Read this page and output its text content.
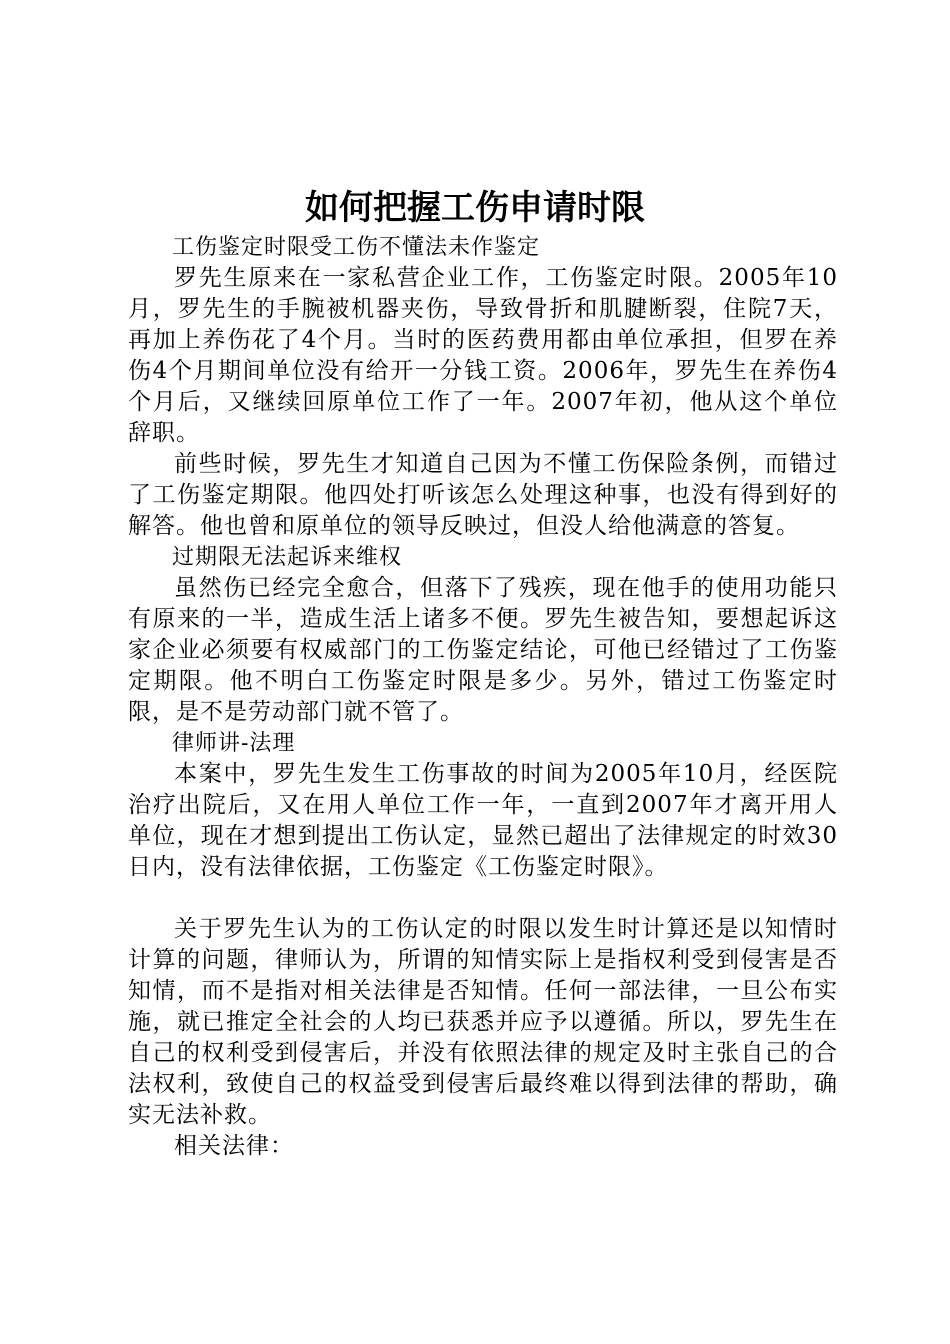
如何把握工伤申请时限

工伤鉴定时限受工伤不懂法未作鉴定

罗先生原来在一家私营企业工作，工伤鉴定时限。2005年10月，罗先生的手腕被机器夹伤，导致骨折和肌腱断裂，住院7天，再加上养伤花了4个月。当时的医药费用都由单位承担，但罗在养伤4个月期间单位没有给开一分钱工资。2006年，罗先生在养伤4个月后，又继续回原单位工作了一年。2007年初，他从这个单位辞职。

前些时候，罗先生才知道自己因为不懂工伤保险条例，而错过了工伤鉴定期限。他四处打听该怎么处理这种事，也没有得到好的解答。他也曾和原单位的领导反映过，但没人给他满意的答复。

过期限无法起诉来维权

虽然伤已经完全愈合，但落下了残疾，现在他手的使用功能只有原来的一半，造成生活上诸多不便。罗先生被告知，要想起诉这家企业必须要有权威部门的工伤鉴定结论，可他已经错过了工伤鉴定期限。他不明白工伤鉴定时限是多少。另外，错过工伤鉴定时限，是不是劳动部门就不管了。

律师讲-法理

本案中，罗先生发生工伤事故的时间为2005年10月，经医院治疗出院后，又在用人单位工作一年，一直到2007年才离开用人单位，现在才想到提出工伤认定，显然已超出了法律规定的时效30日内，没有法律依据，工伤鉴定《工伤鉴定时限》。

关于罗先生认为的工伤认定的时限以发生时计算还是以知情时计算的问题，律师认为，所谓的知情实际上是指权利受到侵害是否知情，而不是指对相关法律是否知情。任何一部法律，一旦公布实施，就已推定全社会的人均已获悉并应予以遵循。所以，罗先生在自己的权利受到侵害后，并没有依照法律的规定及时主张自己的合法权利，致使自己的权益受到侵害后最终难以得到法律的帮助，确实无法补救。

相关法律：
